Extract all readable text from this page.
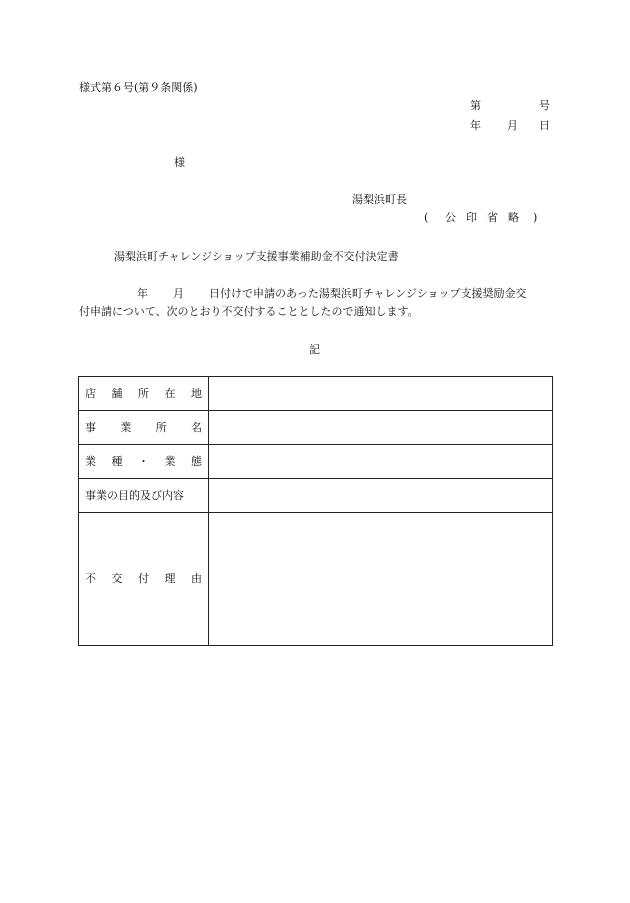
様式第６号(第９条関係)
第	号
年 月 日
様
湯梨浜町長
( 公 印 省 略 )
湯梨浜町チャレンジショップ支援事業補助金不交付決定書
年 月 日付けで申請のあった湯梨浜町チャレンジショップ支援奨励金交
付申請について、次のとおり不交付することとしたので通知します。
記
店 舗 所 在 地
事 業 所 名
業 種 ・ 業 態
事業の目的及び内容
不 交 付 理 由
